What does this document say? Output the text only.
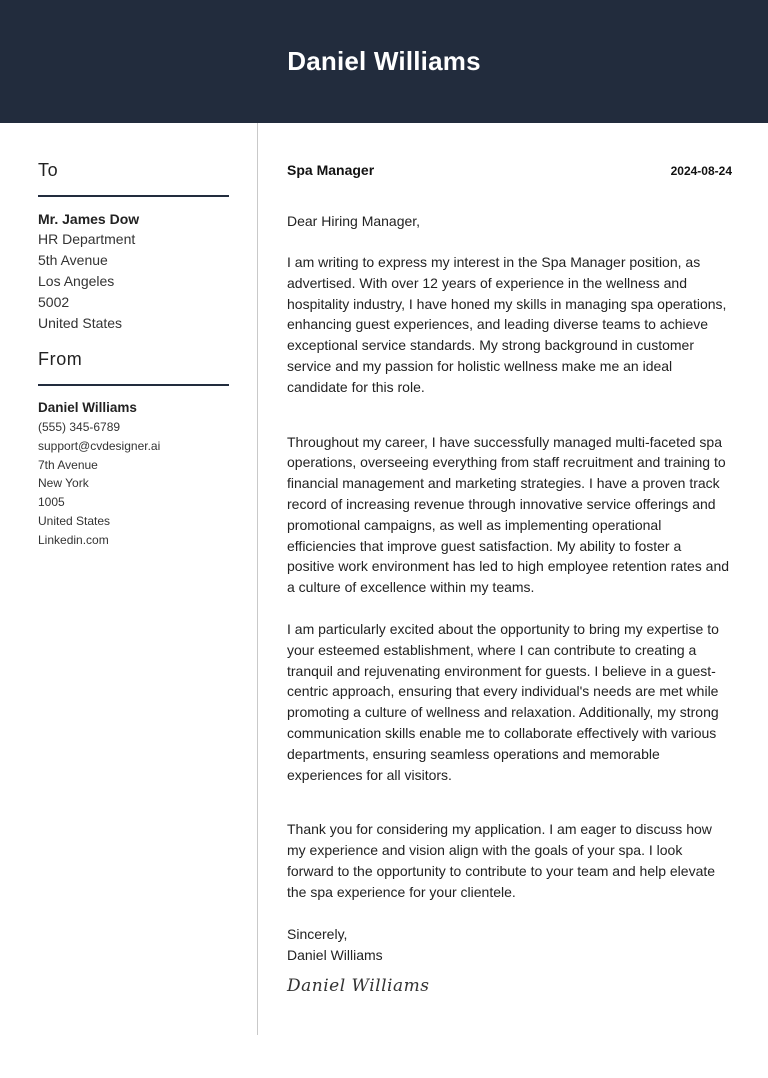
Daniel Williams
To
Mr. James Dow
HR Department
5th Avenue
Los Angeles
5002
United States
From
Daniel Williams
(555) 345-6789
support@cvdesigner.ai
7th Avenue
New York
1005
United States
Linkedin.com
Spa Manager	2024-08-24
Dear Hiring Manager,

I am writing to express my interest in the Spa Manager position, as advertised. With over 12 years of experience in the wellness and hospitality industry, I have honed my skills in managing spa operations, enhancing guest experiences, and leading diverse teams to achieve exceptional service standards. My strong background in customer service and my passion for holistic wellness make me an ideal candidate for this role.

Throughout my career, I have successfully managed multi-faceted spa operations, overseeing everything from staff recruitment and training to financial management and marketing strategies. I have a proven track record of increasing revenue through innovative service offerings and promotional campaigns, as well as implementing operational efficiencies that improve guest satisfaction. My ability to foster a positive work environment has led to high employee retention rates and a culture of excellence within my teams.

I am particularly excited about the opportunity to bring my expertise to your esteemed establishment, where I can contribute to creating a tranquil and rejuvenating environment for guests. I believe in a guest-centric approach, ensuring that every individual's needs are met while promoting a culture of wellness and relaxation. Additionally, my strong communication skills enable me to collaborate effectively with various departments, ensuring seamless operations and memorable experiences for all visitors.

Thank you for considering my application. I am eager to discuss how my experience and vision align with the goals of your spa. I look forward to the opportunity to contribute to your team and help elevate the spa experience for your clientele.

Sincerely,
Daniel Williams
Daniel Williams
